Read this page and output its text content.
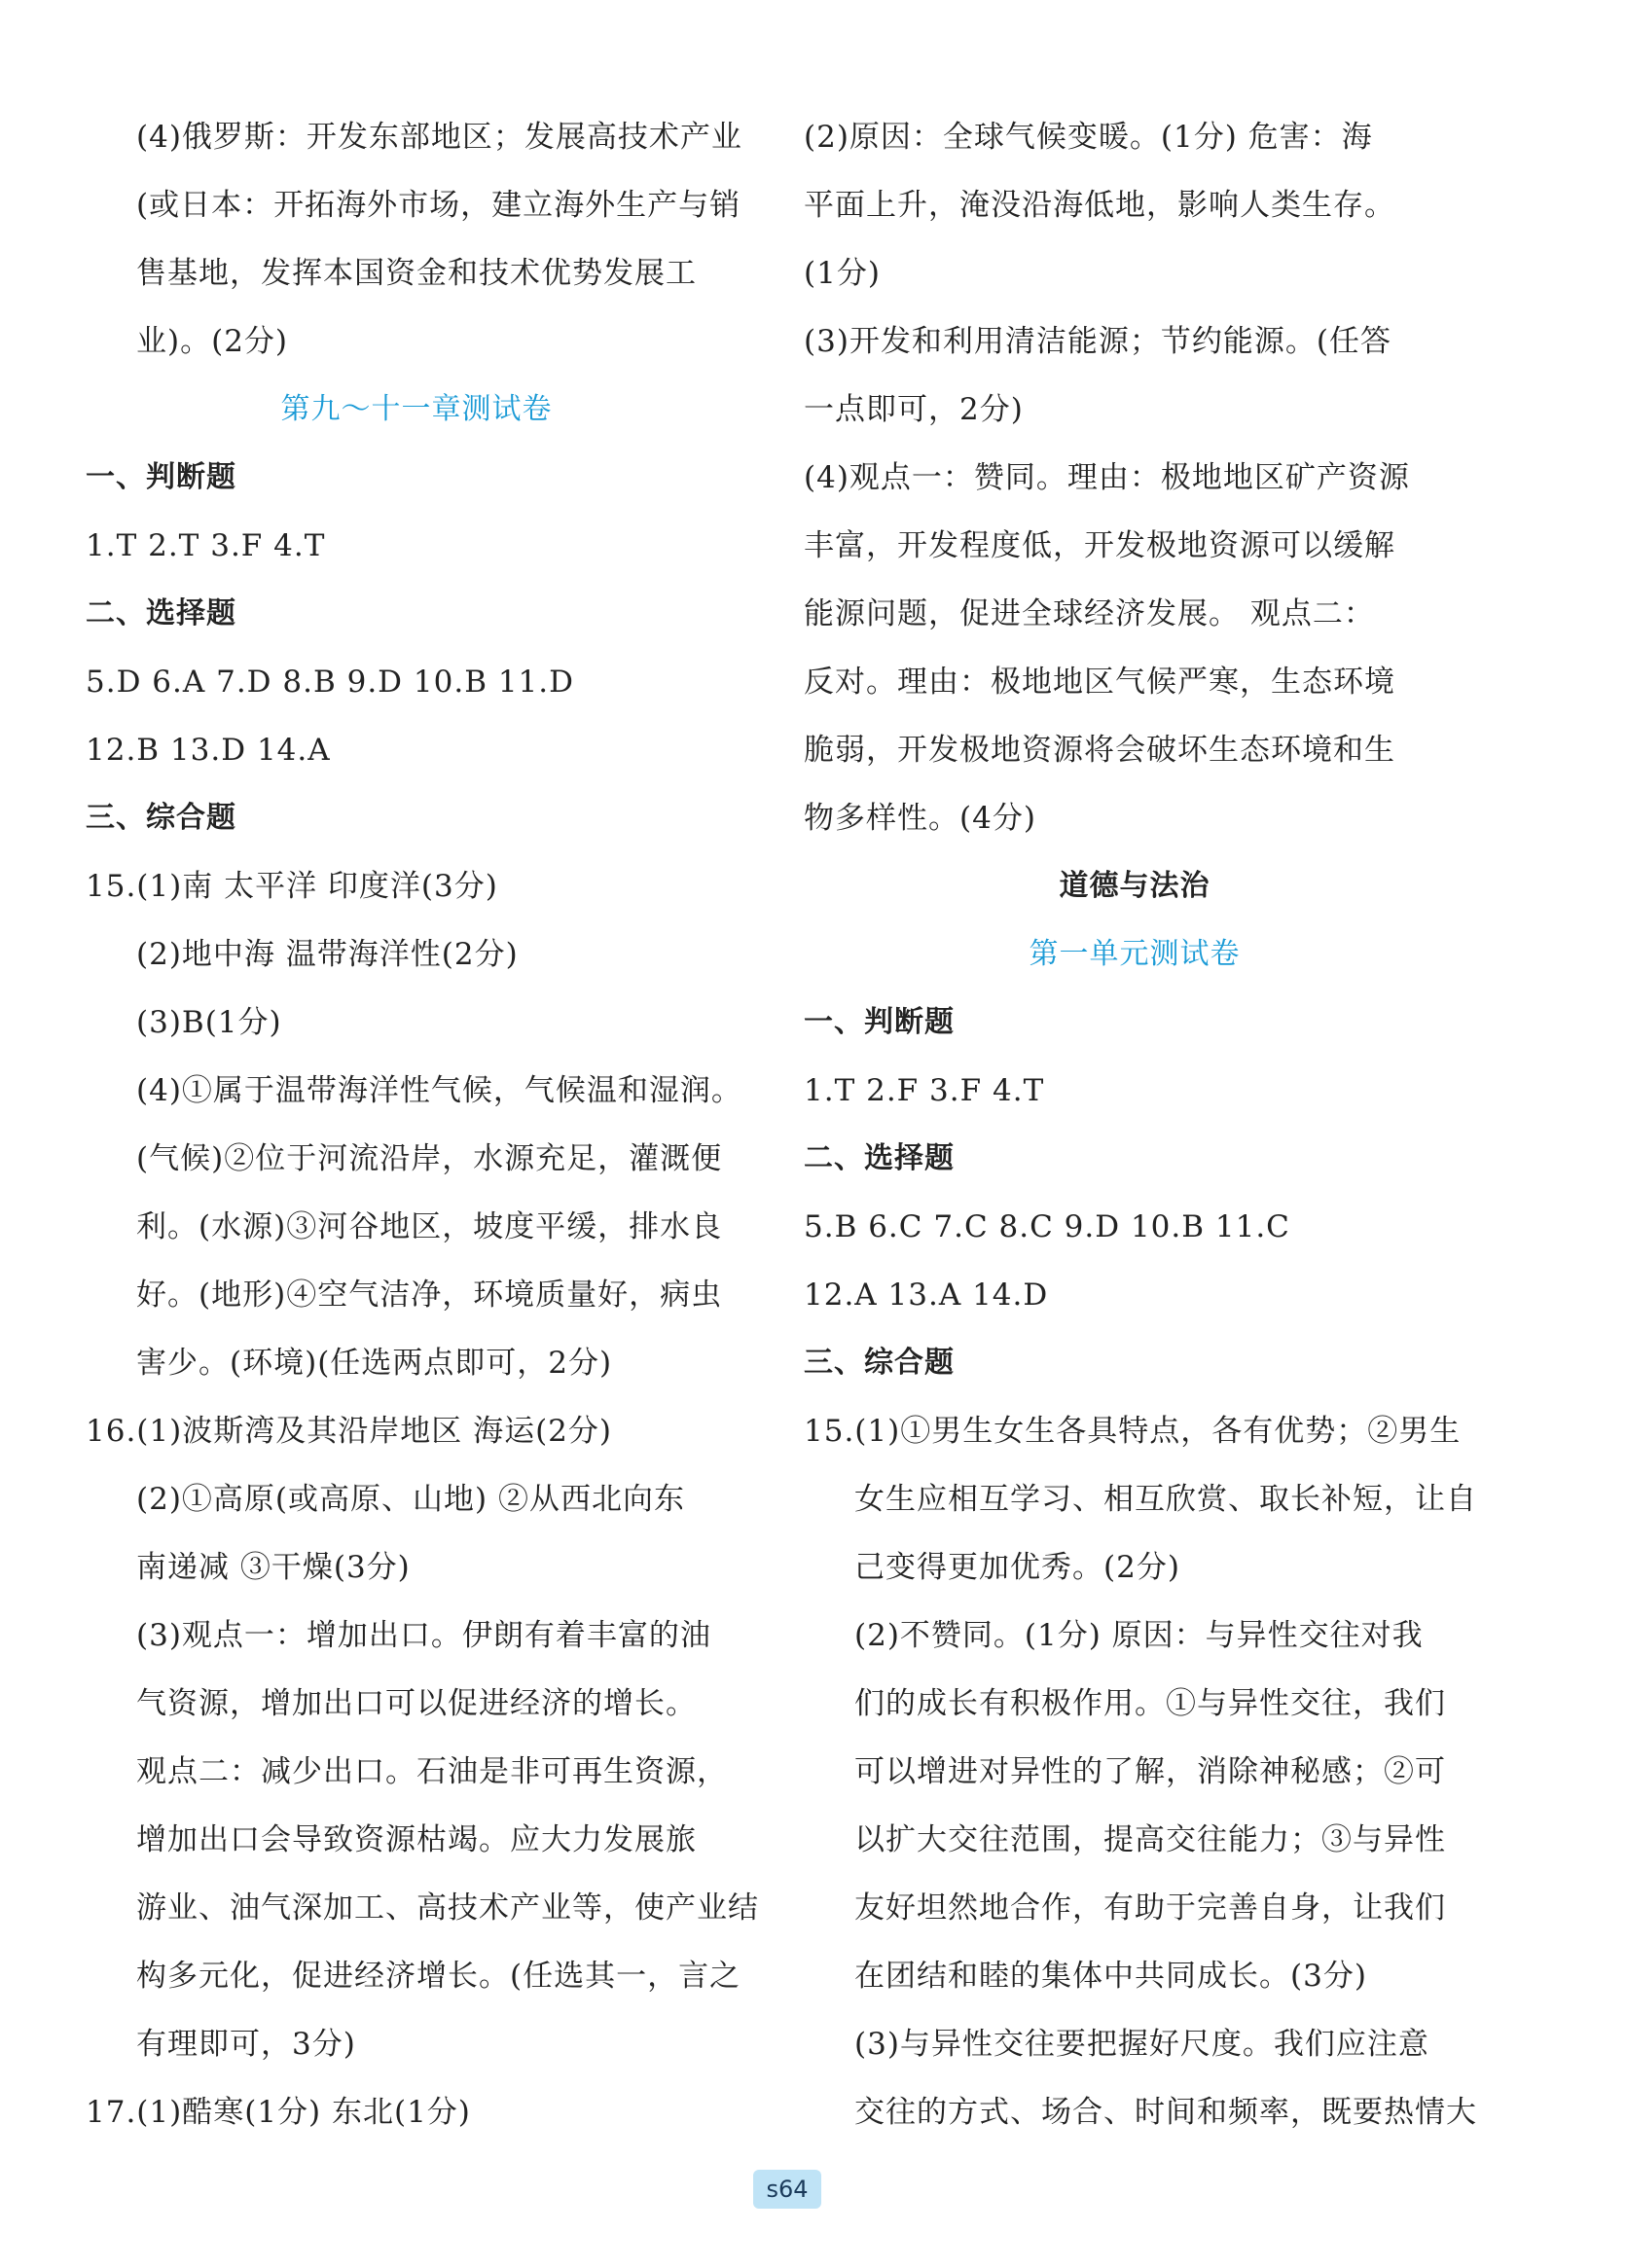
(4)俄罗斯：开发东部地区；发展高技术产业
(或日本：开拓海外市场，建立海外生产与销
售基地，发挥本国资金和技术优势发展工
业)。(2分)
第九～十一章测试卷
一、判断题
1.T 2.T 3.F 4.T
二、选择题
5.D 6.A 7.D 8.B 9.D 10.B 11.D
12.B 13.D 14.A
三、综合题
15.(1)南 太平洋 印度洋(3分)
(2)地中海 温带海洋性(2分)
(3)B(1分)
(4)①属于温带海洋性气候，气候温和湿润。
(气候)②位于河流沿岸，水源充足，灌溉便
利。(水源)③河谷地区，坡度平缓，排水良
好。(地形)④空气洁净，环境质量好，病虫
害少。(环境)(任选两点即可，2分)
16.(1)波斯湾及其沿岸地区 海运(2分)
(2)①高原(或高原、山地) ②从西北向东
南递减 ③干燥(3分)
(3)观点一：增加出口。伊朗有着丰富的油
气资源，增加出口可以促进经济的增长。
观点二：减少出口。石油是非可再生资源，
增加出口会导致资源枯竭。应大力发展旅
游业、油气深加工、高技术产业等，使产业结
构多元化，促进经济增长。(任选其一，言之
有理即可，3分)
17.(1)酷寒(1分) 东北(1分)
(2)原因：全球气候变暖。(1分) 危害：海
平面上升，淹没沿海低地，影响人类生存。
(1分)
(3)开发和利用清洁能源；节约能源。(任答
一点即可，2分)
(4)观点一：赞同。理由：极地地区矿产资源
丰富，开发程度低，开发极地资源可以缓解
能源问题，促进全球经济发展。 观点二：
反对。理由：极地地区气候严寒，生态环境
脆弱，开发极地资源将会破坏生态环境和生
物多样性。(4分)
道德与法治
第一单元测试卷
一、判断题
1.T 2.F 3.F 4.T
二、选择题
5.B 6.C 7.C 8.C 9.D 10.B 11.C
12.A 13.A 14.D
三、综合题
15.(1)①男生女生各具特点，各有优势；②男生
女生应相互学习、相互欣赏、取长补短，让自
己变得更加优秀。(2分)
(2)不赞同。(1分) 原因：与异性交往对我
们的成长有积极作用。①与异性交往，我们
可以增进对异性的了解，消除神秘感；②可
以扩大交往范围，提高交往能力；③与异性
友好坦然地合作，有助于完善自身，让我们
在团结和睦的集体中共同成长。(3分)
(3)与异性交往要把握好尺度。我们应注意
交往的方式、场合、时间和频率，既要热情大
s64
